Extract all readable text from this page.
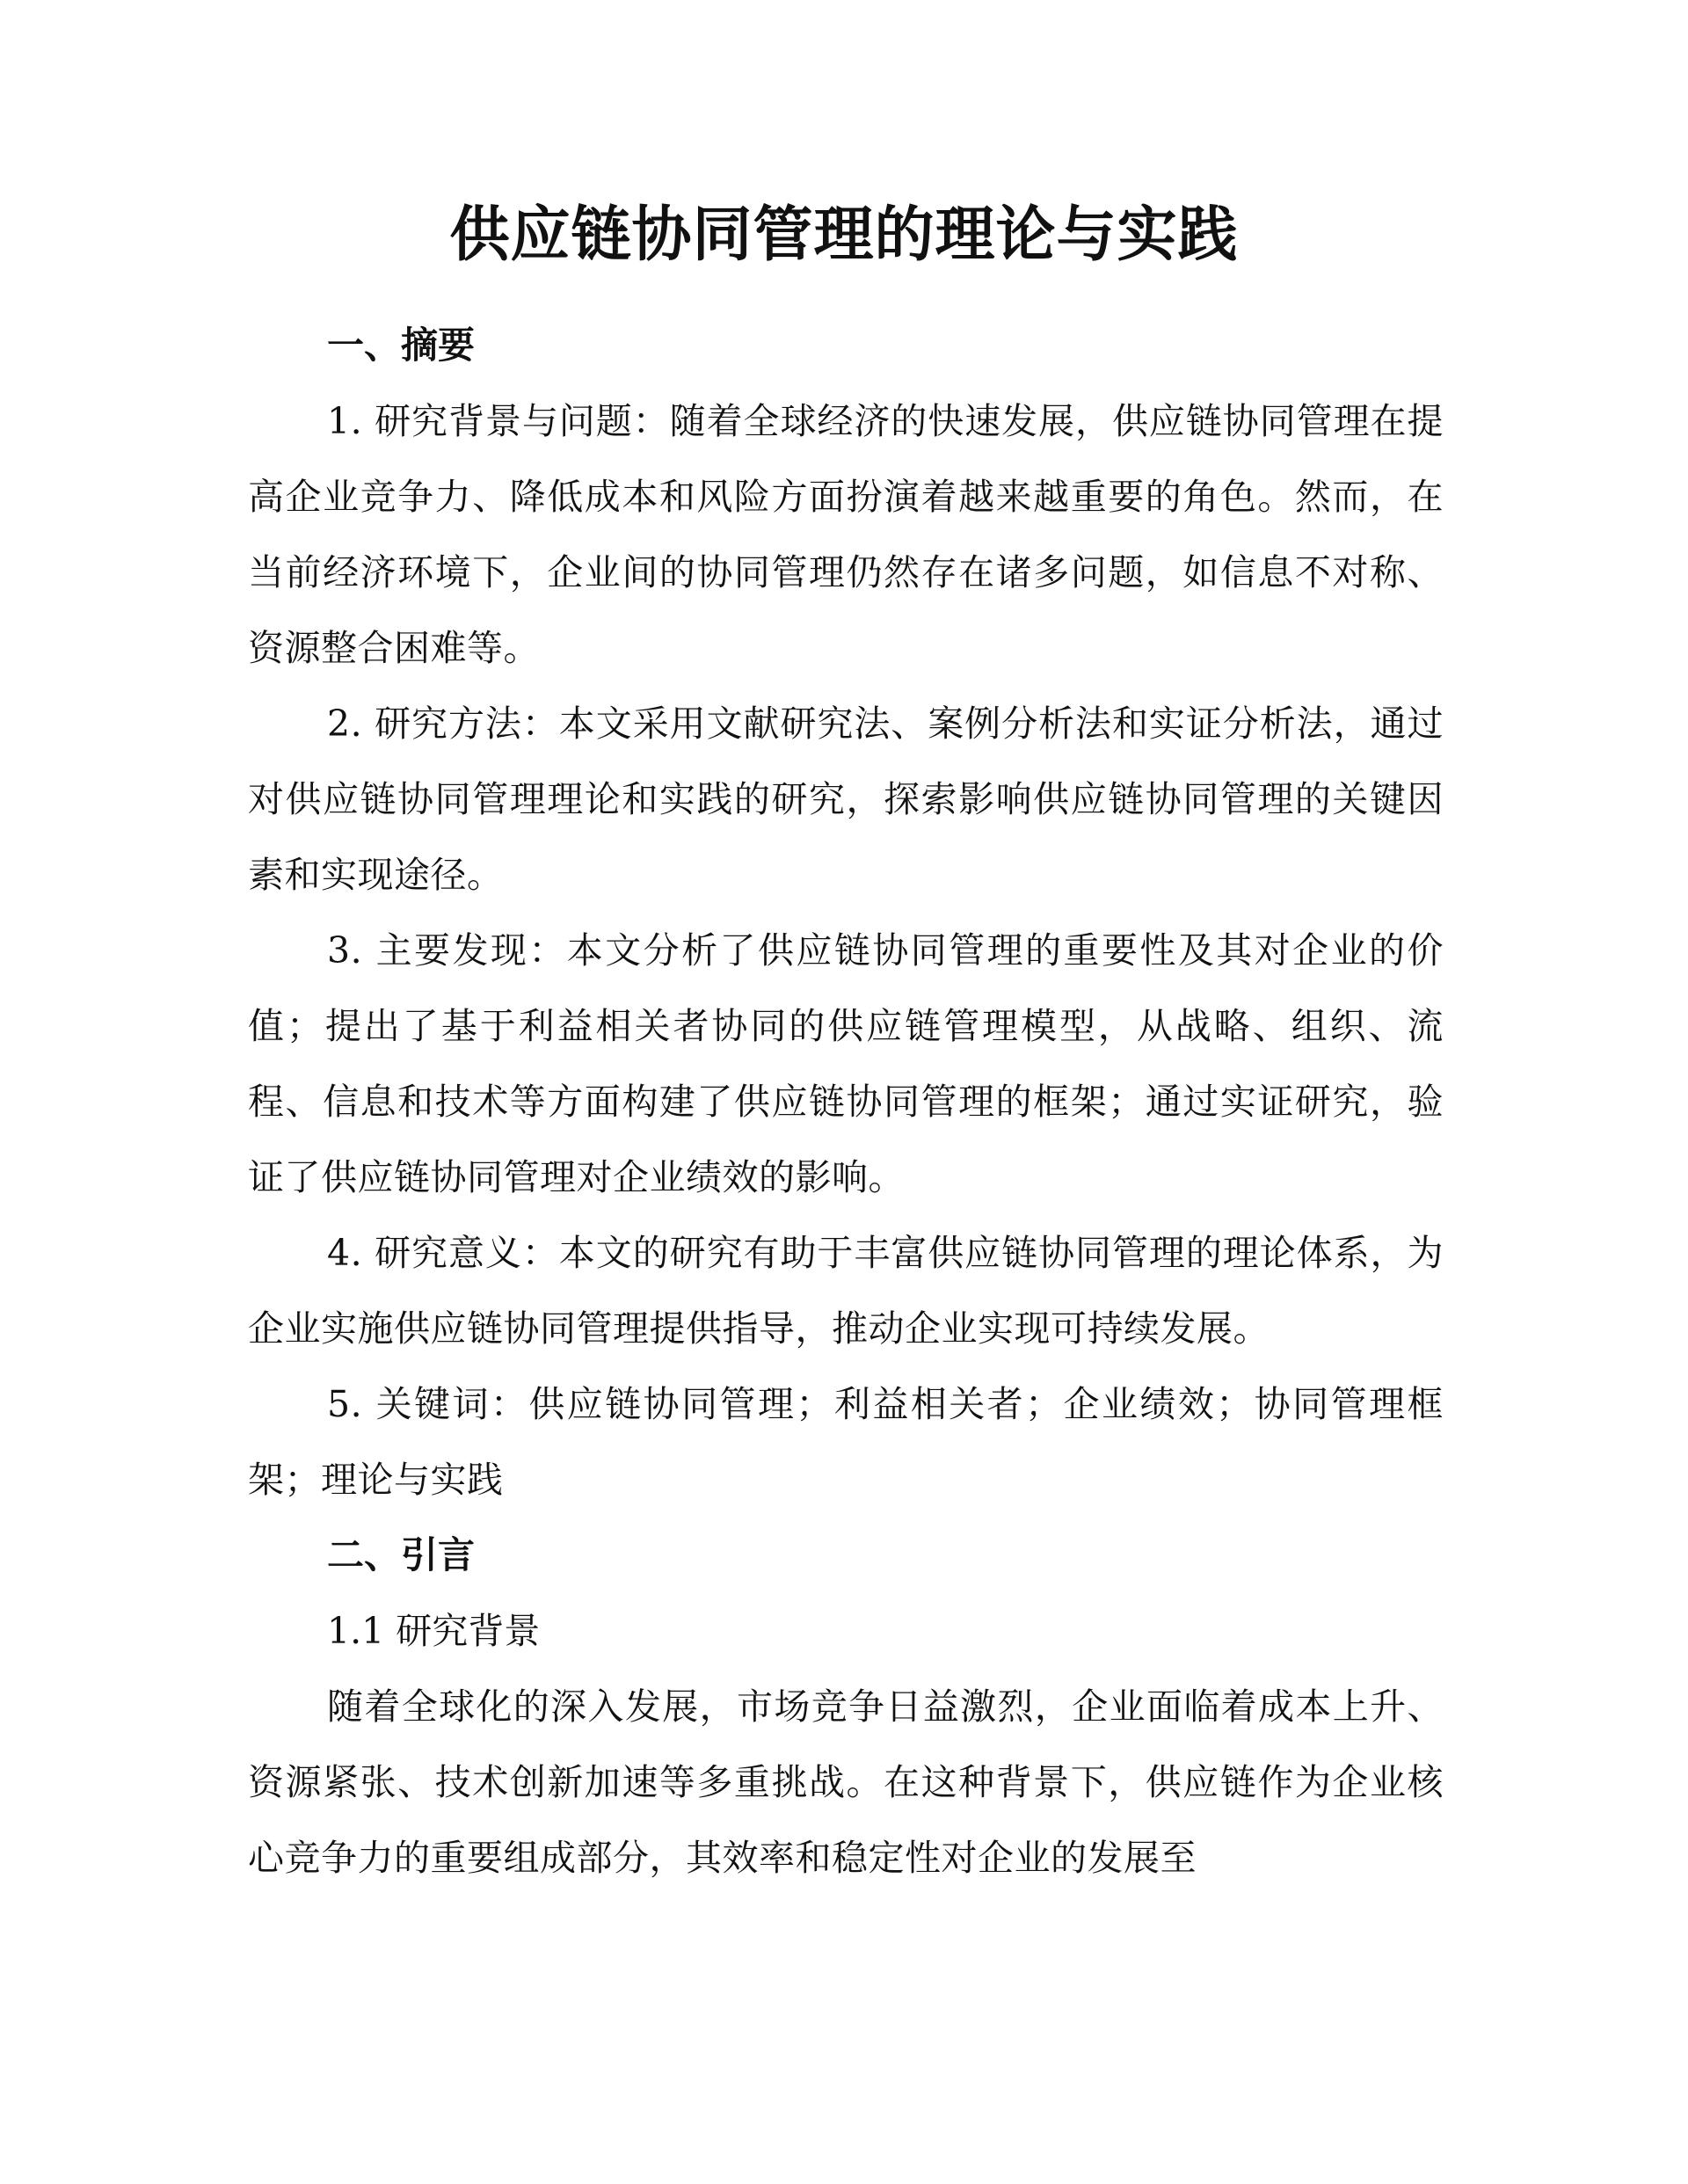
供应链协同管理的理论与实践
一、摘要

1. 研究背景与问题：随着全球经济的快速发展，供应链协同管理在提高企业竞争力、降低成本和风险方面扮演着越来越重要的角色。然而，在当前经济环境下，企业间的协同管理仍然存在诸多问题，如信息不对称、资源整合困难等。

2. 研究方法：本文采用文献研究法、案例分析法和实证分析法，通过对供应链协同管理理论和实践的研究，探索影响供应链协同管理的关键因素和实现途径。

3. 主要发现：本文分析了供应链协同管理的重要性及其对企业的价值；提出了基于利益相关者协同的供应链管理模型，从战略、组织、流程、信息和技术等方面构建了供应链协同管理的框架；通过实证研究，验证了供应链协同管理对企业绩效的影响。

4. 研究意义：本文的研究有助于丰富供应链协同管理的理论体系，为企业实施供应链协同管理提供指导，推动企业实现可持续发展。

5. 关键词：供应链协同管理；利益相关者；企业绩效；协同管理框架；理论与实践

二、引言
1.1 研究背景

随着全球化的深入发展，市场竞争日益激烈，企业面临着成本上升、资源紧张、技术创新加速等多重挑战。在这种背景下，供应链作为企业核心竞争力的重要组成部分，其效率和稳定性对企业的发展至
